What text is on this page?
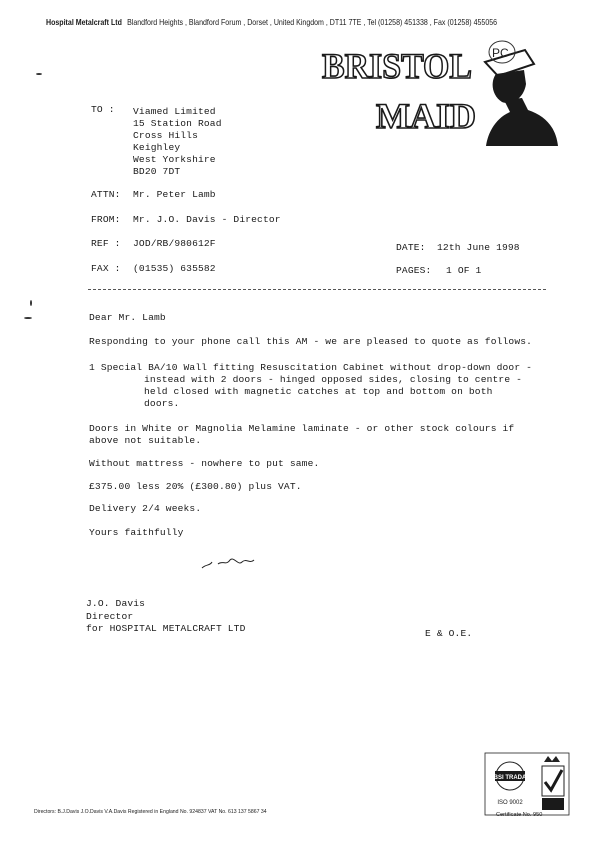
Hospital Metalcraft Ltd Blandford Heights , Blandford Forum , Dorset , United Kingdom , DT11 7TE , Tel (01258) 451338 , Fax (01258) 455056
BRISTOL
MAID
PC
TO : Viamed Limited
15 Station Road
Cross Hills
Keighley
West Yorkshire
BD20 7DT
ATTN: Mr. Peter Lamb
FROM: Mr. J.O. Davis - Director
REF : JOD/RB/980612F	DATE: 12th June 1998
FAX : (01535) 635582	PAGES: 1 OF 1
Dear Mr. Lamb
Responding to your phone call this AM - we are pleased to quote as follows.
1 Special BA/10 Wall fitting Resuscitation Cabinet without drop-down door -
instead with 2 doors - hinged opposed sides, closing to centre -
held closed with magnetic catches at top and bottom on both
doors.
Doors in White or Magnolia Melamine laminate - or other stock colours if
above not suitable.
Without mattress - nowhere to put same.
£375.00 less 20% (£300.80) plus VAT.
Delivery 2/4 weeks.
Yours faithfully
J.O. Davis
Director
for HOSPITAL METALCRAFT LTD	E & O.E.
BSI TRADA
ISO 9002
Directors: B.J.Davis J.O.Davis V.A.Davis Registered in England No. 924837 VAT No. 613 137 5867 34	Certificate No. 950
